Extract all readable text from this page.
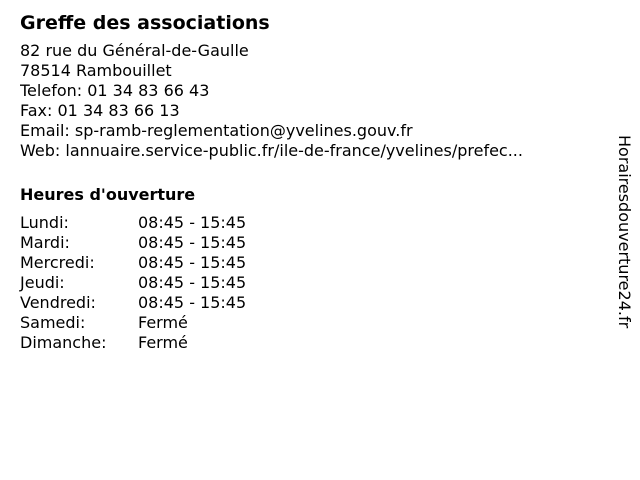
Greffe des associations
82 rue du Général-de-Gaulle
78514 Rambouillet
Telefon: 01 34 83 66 43
Fax: 01 34 83 66 13
Email: sp-ramb-reglementation@yvelines.gouv.fr
Web: lannuaire.service-public.fr/ile-de-france/yvelines/prefec...
Heures d'ouverture
Lundi:	08:45 - 15:45
Mardi:	08:45 - 15:45
Mercredi:	08:45 - 15:45
Jeudi:	08:45 - 15:45
Vendredi:	08:45 - 15:45
Samedi:	Fermé
Dimanche:	Fermé
Horairesdouverture24.fr
